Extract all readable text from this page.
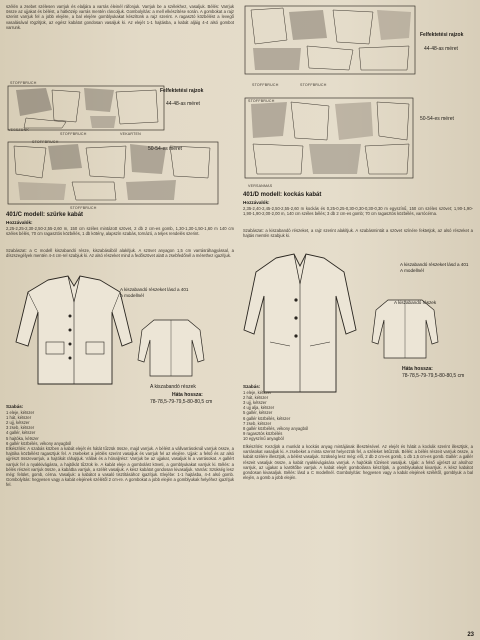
szélén a zsebet szélesen varrjuk és elaljára a varrás éleinél ráfonjuk. Varrjuk be a szélekhez, vasaljuk. Bélés: Varrjuk össze az ujjakat és bélést, a hátközép varrás mentén ráncoljuk. Gombolyítás: a mell elkészítése során. A gombokat a rajz szerint varrjuk fel a jobb elejére, a bal elejére gomblyukakat készítünk a rajz szerint. A ragasztó közbélést a levegő vasalásával rögzítjük, az egész kabátot gondosan vasaljuk ki. Az elejét 1-1 hajtásba, a kabát aljáig 4-4 alsó gombot varrunk.
STOFFBRUCH
STOFFBRUCH
VESSZÜNK
VEKARTEN
Felfektetési rajzok
44-48-as méret
STOFFBRUCH
STOFFBRUCH
50-54-es méret
401/C modell: szürke kabát
Hozzávalók:
2,25-2,25-2,30-2,50-2,55-2,60 m, 150 cm széles mintázott szövet, 2 db 2 cm-es gomb, 1,30-1,30-1,50-1,60 m 140 cm széles bélés, 70 cm ragasztós közbélés, 1 db kötény, alapszín szabás, tornázó, a teljes rendelés szerint.
Szabászat: a C modell kiszabandó része, kiszabásából alakítjuk. A szövet anyagon 1,5 cm varrásráhagyással, a díszszegélyek mentén 4-4 cm-rel szabjuk ki. Az alsó részeket mind a fedőszövet alatt a zsebfedőnél a mérethez igazítjuk.
A kiszabandó részeket lásd a 401 A modellnél
A kiszabandó részek
Háta hossza:
78-78,5-79-79,5-80-80,5 cm
Szabás:
1 eleje, kétszer
1 hát, kétszer
2 ujj, kétszer
3 zseb, kétszer
4 gallér, kétszer
5 hajtóka, kétszer
6 gallér közbélés, vékony anyagból
Elkészítés: A szabás közben a kabát elejét és hátát tűzzük össze, majd varrjuk. A bélést a vállvarrásoknál varrjuk össze, a hajtóka közbélést ragasztjuk fel. A zsebeket a jelölés szerint vasaljuk és varrjuk fel az elejére. Ujjak: a felső és az alsó ujjrészt összevarrjuk, a hajtókát ráhajtjuk. Vállak és a hónaljrész: Varrjuk be az ujjakat, vasaljuk ki a varrásokat. A gallért varrjuk fel a nyakkivágásra, a hajtókát tűzzük le. A kabát eleje a gombolást követi, a gomblyukakat varrjuk ki. Bélés: a bélés részeit varrjuk össze, a kabátba varrjuk, a szélét vasaljuk. A kész kabátot gondosan kivasaljuk. Varrás: Szükség lesz még: felület, gomb, cérna. Vasaljuk: a kabátot a vasaló tisztításához igazítjuk. Elejébe: 1-1 hajtásba, 4-4 alsó gomb. Gombolyítás: hegyesen vagy a kabát elejének szélétől 2 cm-re. A gombokat a jobb elején a gomblyukak helyéhez igazítjuk fel.
STOFFBRUCH	STOFFBRUCH
Felfektetési rajzok
44-48-as méret
STOFFBRUCH
VERSANMAS
50-54-es méret
401/D modell: kockás kabát
Hozzávalók:
2,35-2,40-2,45-2,50-2,55-2,60 m kockás és 0,25-0,25-0,30-0,30-0,30-0,30 m egyszínű, 150 cm széles szövet; 1,90-1,90-1,90-1,90-2,00-2,00 m, 140 cm széles bélés; 3 db 2 cm-es gomb; 70 cm ragasztós közbélés, varrócérna.
Szabászat: a kiszabandó részeket, a rajz szerint alakítjuk. A szabásmintát a szövet színére fektetjük, az alsó részeket a hajtás mentén szabjuk ki.
A kiszabandó részeket lásd a 401 A modellnél
A kiszabandó részek
Háta hossza:
78-78,5-79-79,5-80-80,5 cm
Szabás:
1 eleje, kétszer
2 hát, kétszer
3 ujj, kétszer
4 ujj alja, kétszer
5 gallér, kétszer
6 gallér közbélés, kétszer
7 zseb, kétszer
8 gallér közbélés, vékony anyagból
9 ragasztós közbélés
10 egyszínű anyagból
Elkészítés: Kezdjük a munkát a kockás anyag mintájának illesztésével. Az elejét és hátát a kockák szerint illesztjük, a varrásokat vasaljuk ki. A zsebeket a minta szerint helyezzük fel, a széleket letűzzük. Bélés: a bélés részeit varrjuk össze, a kabát szélére illesztjük, a bélést vasaljuk. Szükség lesz még: elő, 2 db 2 cm-es gomb, 1 db 1,5 cm-es gomb. Gallér: a gallér részeit vasaljuk össze, a kabát nyakkivágására varrjuk. A hajtókák tűzéseit vasaljuk. Ujjak: a felső ujjrészt az alsóhoz varrjuk, az ujjakat a karöltőbe varrjuk. A kabát elejét gombolásra készítjük, a gomblyukakat kivarrjuk. A kész kabátot gondosan kivasaljuk. Bélés: lásd a C modellnél. Gombolyítás: hegyesen vagy a kabát elejének szélétől, gomblyuk a bal elején, a gomb a jobb elején.
23
